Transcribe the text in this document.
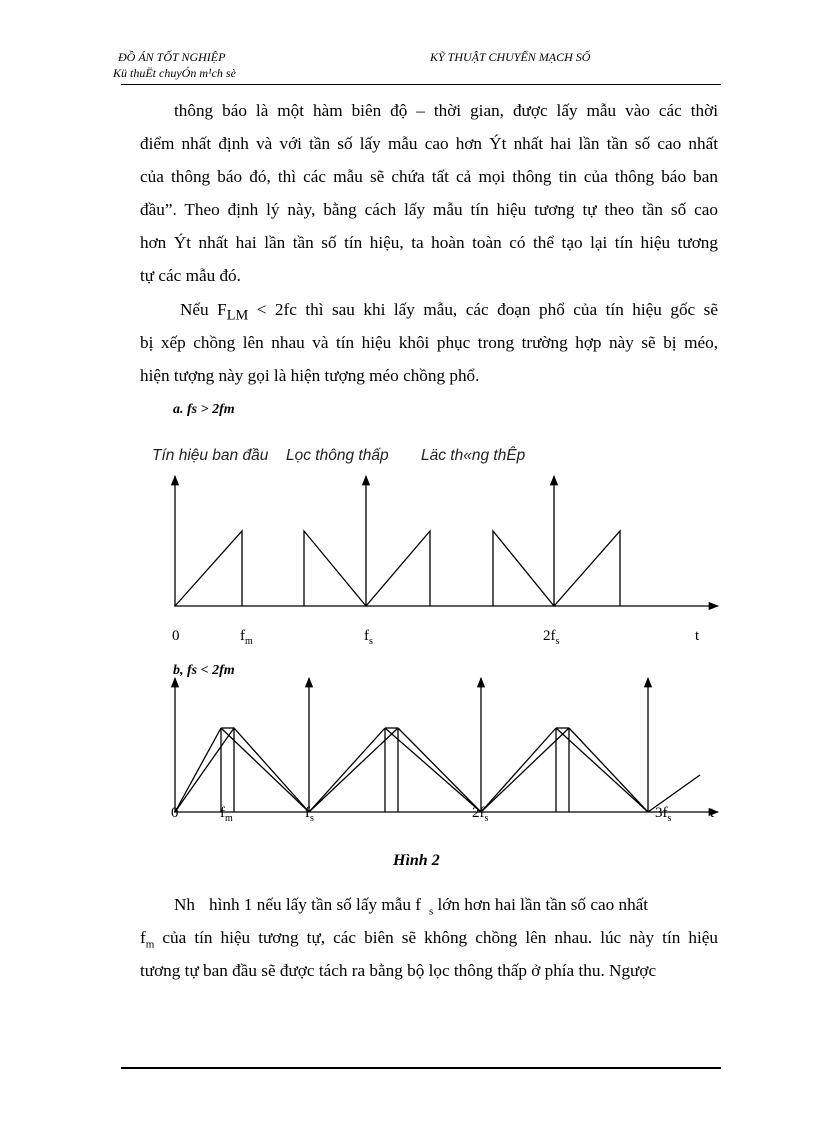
ĐỒ ÁN TỐT NGHIỆP
Kü thuËt chuyÓn m¹ch sè
KỸ THUẬT CHUYỂN MẠCH SỐ
thông báo là một hàm biên độ – thời gian, được lấy mẫu vào các thời
điểm nhất định và với tần số lấy mẫu cao hơn Ýt nhất hai lần tần số cao nhất
của thông báo đó, thì các mẫu sẽ chứa tất cả mọi thông tin của thông báo ban
đầu”. Theo định lý này, bằng cách lấy mẫu tín hiệu tương tự theo tần số cao
hơn Ýt nhất hai lần tần số tín hiệu, ta hoàn toàn có thể tạo lại tín hiệu tương
tự các mẫu đó.
Nếu $F_{LM} < 2fc$ thì sau khi lấy mẫu, các đoạn phổ của tín hiệu gốc sẽ
bị xếp chồng lên nhau và tín hiệu khôi phục trong trường hợp này sẽ bị méo,
hiện tượng này gọi là hiện tượng méo chồng phổ.
a. fs > 2fm
b, fs < 2fm
Tín hiệu ban đầu Lọc thông thấp Läc th«ng thÊp
0	$f_m$	$f_s$	$2f_s$	t
0	$f_m$	$f_s$	$2f_s$	$3f_s$	t
Hình 2
Nh hình 1 nếu lấy tần số lấy mẫu f $_s$ lớn hơn hai lần tần số cao nhất
$f_m$ của tín hiệu tương tự, các biên sẽ không chồng lên nhau. lúc này tín hiệu
tương tự ban đầu sẽ được tách ra bằng bộ lọc thông thấp ở phía thu. Ngược
